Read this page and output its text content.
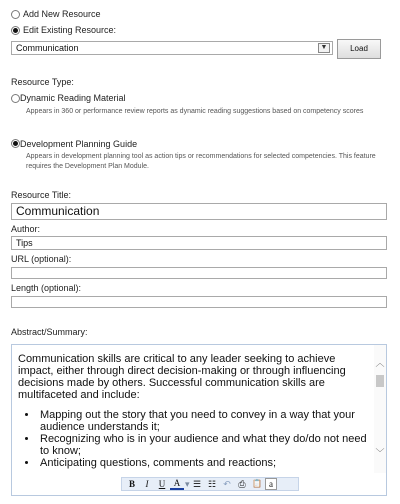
Add New Resource
Edit Existing Resource:
Communication	▼	Load
Resource Type:
Dynamic Reading Material
Appears in 360 or performance review reports as dynamic reading suggestions based on competency scores
Development Planning Guide
Appears in development planning tool as action tips or recommendations for selected competencies. This feature requires the Development Plan Module.
Resource Title:
Communication
Author:
Tips
URL (optional):
Length (optional):
Abstract/Summary:
Communication skills are critical to any leader seeking to achieve impact, either through direct decision-making or through influencing decisions made by others. Successful communication skills are multifaceted and include:
• Mapping out the story that you need to convey in a way that your audience understands it;
• Recognizing who is in your audience and what they do/do not need to know;
• Anticipating questions, comments and reactions;
︿
﹀
B	I	U A ▾ ☰ ☷ ↶ ⎙ 📋 a
